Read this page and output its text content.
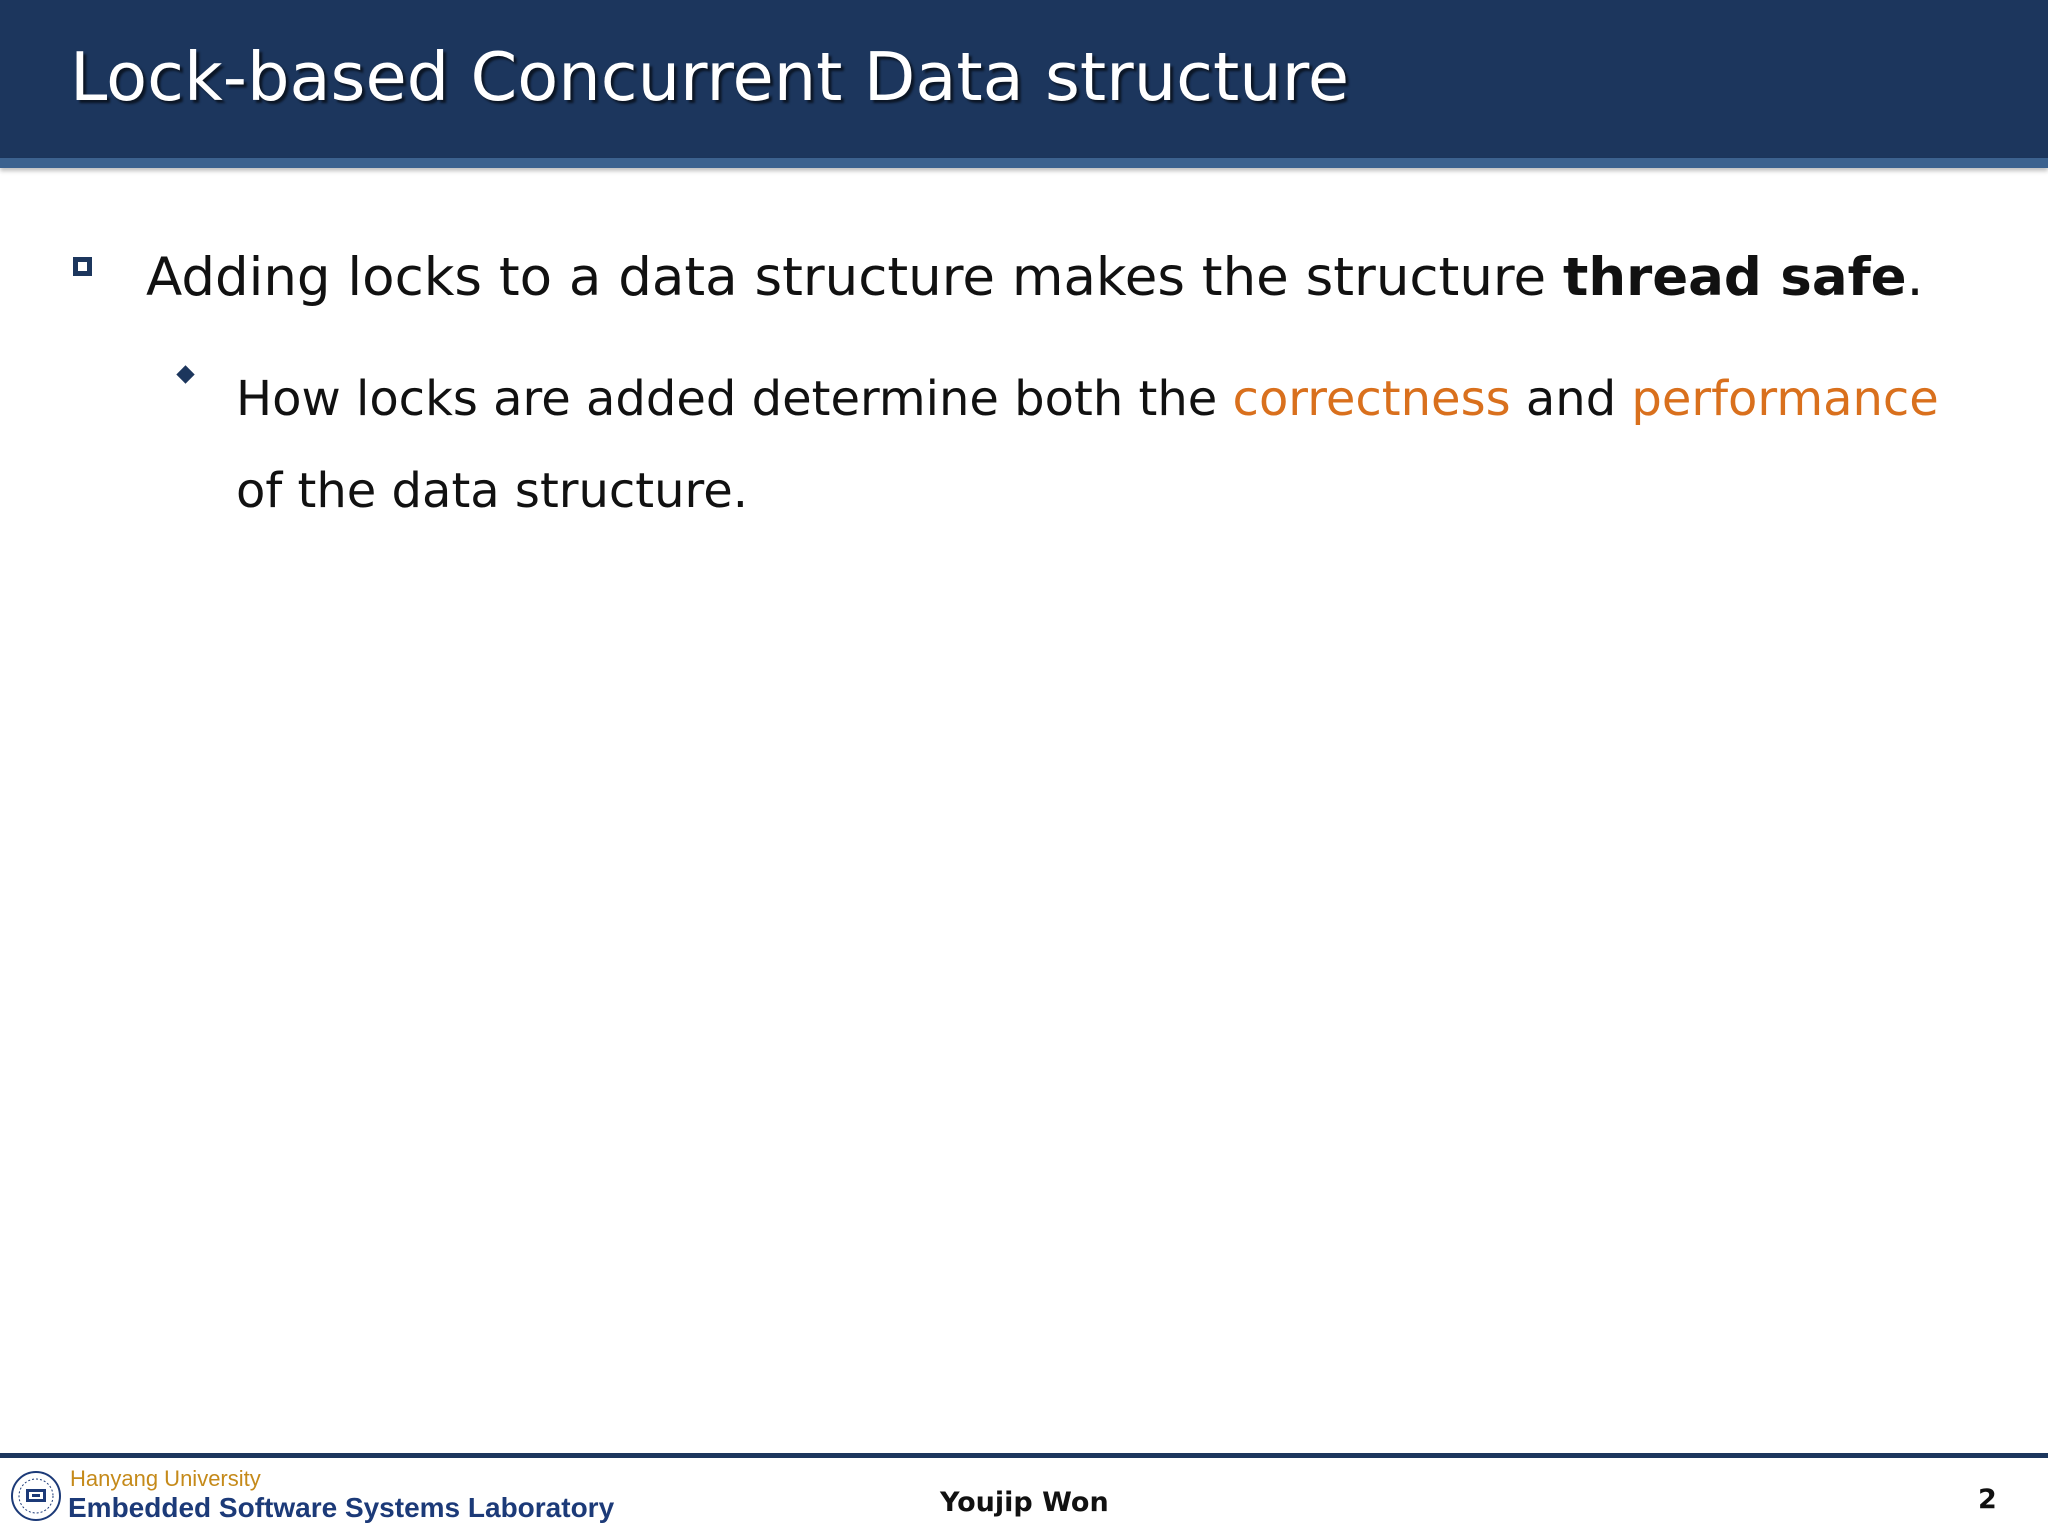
Lock-based Concurrent Data structure

Adding locks to a data structure makes the structure thread safe.

How locks are added determine both the correctness and performance of the data structure.

Hanyang University
Embedded Software Systems Laboratory	Youjip Won	2
